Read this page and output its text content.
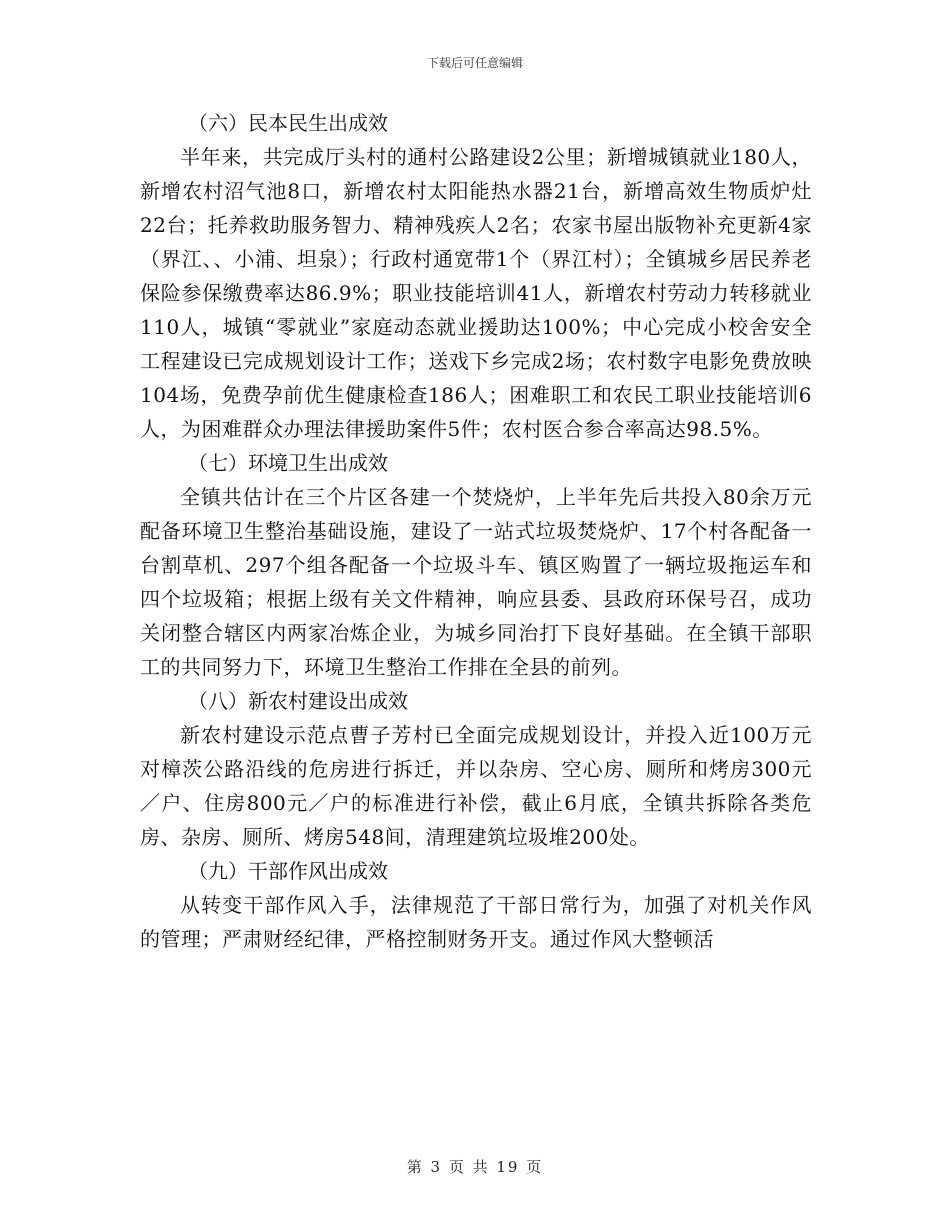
下载后可任意编辑
（六）民本民生出成效

半年来，共完成厅头村的通村公路建设2公里；新增城镇就业180人，新增农村沼气池8口，新增农村太阳能热水器21台，新增高效生物质炉灶22台；托养救助服务智力、精神残疾人2名；农家书屋出版物补充更新4家（界江、、小浦、坦泉）；行政村通宽带1个（界江村）；全镇城乡居民养老保险参保缴费率达86.9%；职业技能培训41人，新增农村劳动力转移就业110人，城镇“零就业”家庭动态就业援助达100%；中心完成小校舍安全工程建设已完成规划设计工作；送戏下乡完成2场；农村数字电影免费放映104场，免费孕前优生健康检查186人；困难职工和农民工职业技能培训6人，为困难群众办理法律援助案件5件；农村医合参合率高达98.5%。

（七）环境卫生出成效

全镇共估计在三个片区各建一个焚烧炉，上半年先后共投入80余万元配备环境卫生整治基础设施，建设了一站式垃圾焚烧炉、17个村各配备一台割草机、297个组各配备一个垃圾斗车、镇区购置了一辆垃圾拖运车和四个垃圾箱；根据上级有关文件精神，响应县委、县政府环保号召，成功关闭整合辖区内两家冶炼企业，为城乡同治打下良好基础。在全镇干部职工的共同努力下，环境卫生整治工作排在全县的前列。

（八）新农村建设出成效

新农村建设示范点曹子芳村已全面完成规划设计，并投入近100万元对樟茨公路沿线的危房进行拆迁，并以杂房、空心房、厕所和烤房300元／户、住房800元／户的标准进行补偿，截止6月底，全镇共拆除各类危房、杂房、厕所、烤房548间，清理建筑垃圾堆200处。

（九）干部作风出成效

从转变干部作风入手，法律规范了干部日常行为，加强了对机关作风的管理；严肃财经纪律，严格控制财务开支。通过作风大整顿活

第 3 页 共 19 页
